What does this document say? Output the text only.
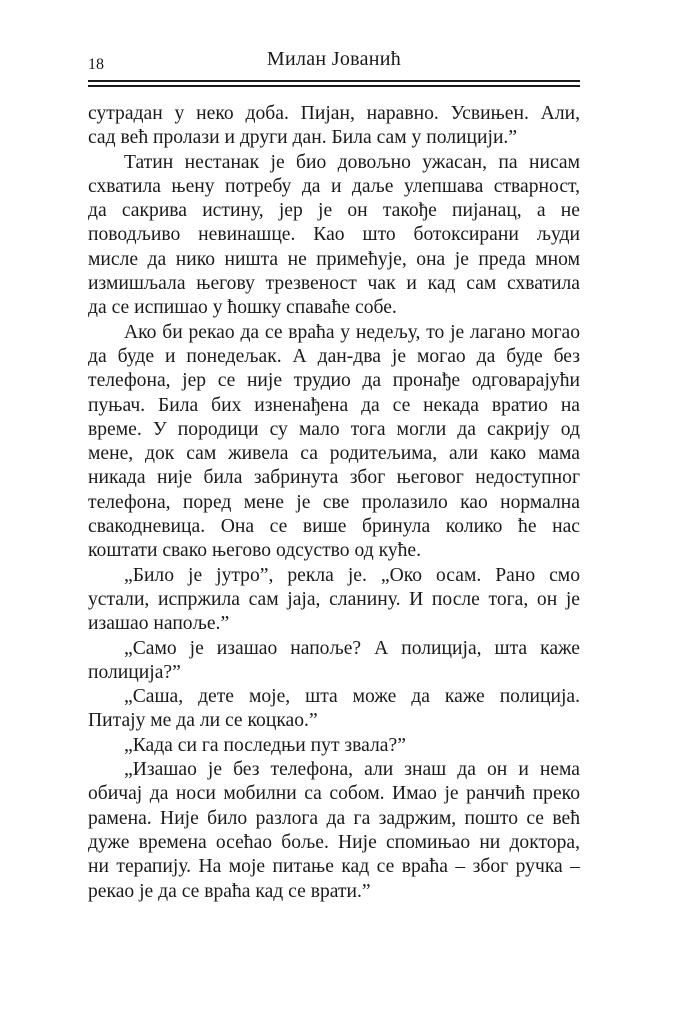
18	Милан Јованић
сутрадан у неко доба. Пијан, наравно. Усвињен. Али,
сад већ пролази и други дан. Била сам у полицији.”
Татин нестанак је био довољно ужасан, па нисам
схватила њену потребу да и даље улепшава стварност,
да сакрива истину, јер је он такође пијанац, а не
поводљиво невинашце. Као што ботоксирани људи
мисле да нико ништа не примећује, она је преда мном
измишљала његову трезвеност чак и кад сам схватила
да се испишао у ћошку спаваће собе.
Ако би рекао да се враћа у недељу, то је лагано могао
да буде и понедељак. А дан-два је могао да буде без
телефона, јер се није трудио да пронађе одговарајући
пуњач. Била бих изненађена да се некада вратио на
време. У породици су мало тога могли да сакрију од
мене, док сам живела са родитељима, али како мама
никада није била забринута због његовог недоступног
телефона, поред мене је све пролазило као нормална
свакодневица. Она се више бринула колико ће нас
коштати свако његово одсуство од куће.
„Било је јутро”, рекла је. „Око осам. Рано смо
устали, испржила сам јаја, сланину. И после тога, он је
изашао напоље.”
„Само је изашао напоље? А полиција, шта каже
полиција?”
„Саша, дете моје, шта може да каже полиција.
Питају ме да ли се коцкао.”
„Када си га последњи пут звала?”
„Изашао је без телефона, али знаш да он и нема
обичај да носи мобилни са собом. Имао је ранчић преко
рамена. Није било разлога да га задржим, пошто се већ
дуже времена осећао боље. Није спомињао ни доктора,
ни терапију. На моје питање кад се враћа – због ручка –
рекао је да се враћа кад се врати.”
